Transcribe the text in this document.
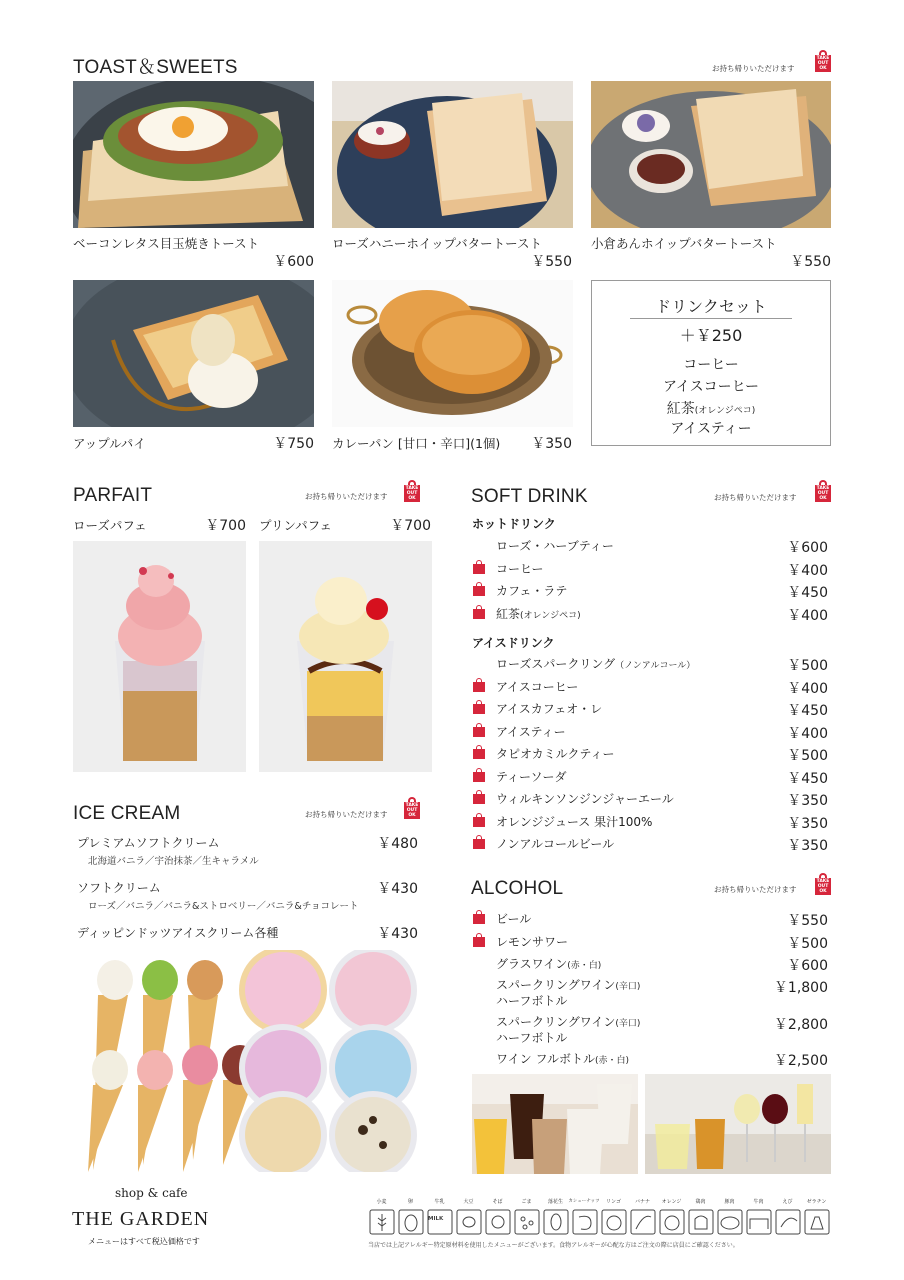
TOAST＆SWEETS	お持ち帰りいただけます
TAKE
OUT
OK
ベーコンレタス目玉焼きトースト
￥600
ローズハニーホイップバタートースト
￥550
小倉あんホイップバタートースト
￥550
アップルパイ	￥750 カレーパン [甘口・辛口](1個) ￥350
ドリンクセット
＋￥250
コーヒー
アイスコーヒー
紅茶(オレンジペコ)
アイスティー
PARFAIT	お持ち帰りいただけます
TAKE
OUT
OK
ローズパフェ	￥700 プリンパフェ	￥700
ICE CREAM	お持ち帰りいただけます
TAKE
OUT
OK
プレミアムソフトクリーム	￥480
北海道バニラ／宇治抹茶／生キャラメル
ソフトクリーム	￥430
ローズ／バニラ／バニラ&ストロベリー／バニラ&チョコレート
ディッピンドッツアイスクリーム各種	￥430
SOFT DRINK	お持ち帰りいただけます
TAKE
OUT
OK
ホットドリンク
ローズ・ハーブティー	￥600
コーヒー	￥400
カフェ・ラテ	￥450
紅茶(オレンジペコ)	￥400
アイスドリンク
ローズスパークリング（ノンアルコール）	￥500
アイスコーヒー	￥400
アイスカフェオ・レ	￥450
アイスティー	￥400
タピオカミルクティー	￥500
ティーソーダ	￥450
ウィルキンソンジンジャーエール	￥350
オレンジジュース 果汁100%	￥350
ノンアルコールビール	￥350
ALCOHOL	お持ち帰りいただけます
TAKE
OUT
OK
ビール	￥550
レモンサワー	￥500
グラスワイン(赤・白)	￥600
スパークリングワイン(辛口)
ハーフボトル
￥1,800
スパークリングワイン(辛口)
ハーフボトル
￥2,800
ワイン フルボトル(赤・白)	￥2,500
shop & cafe
THE GARDEN
メニューはすべて税込価格です
小麦	卵	牛乳	大豆	そば	ごま	落花生	カシューナッツ	リンゴ	バナナ	オレンジ	鶏肉	豚肉	牛肉	えび	ゼラチン
MILK
当店では上記アレルギー特定原材料を使用したメニューがございます。食物アレルギーが心配な方はご注文の際に店員にご確認ください。
